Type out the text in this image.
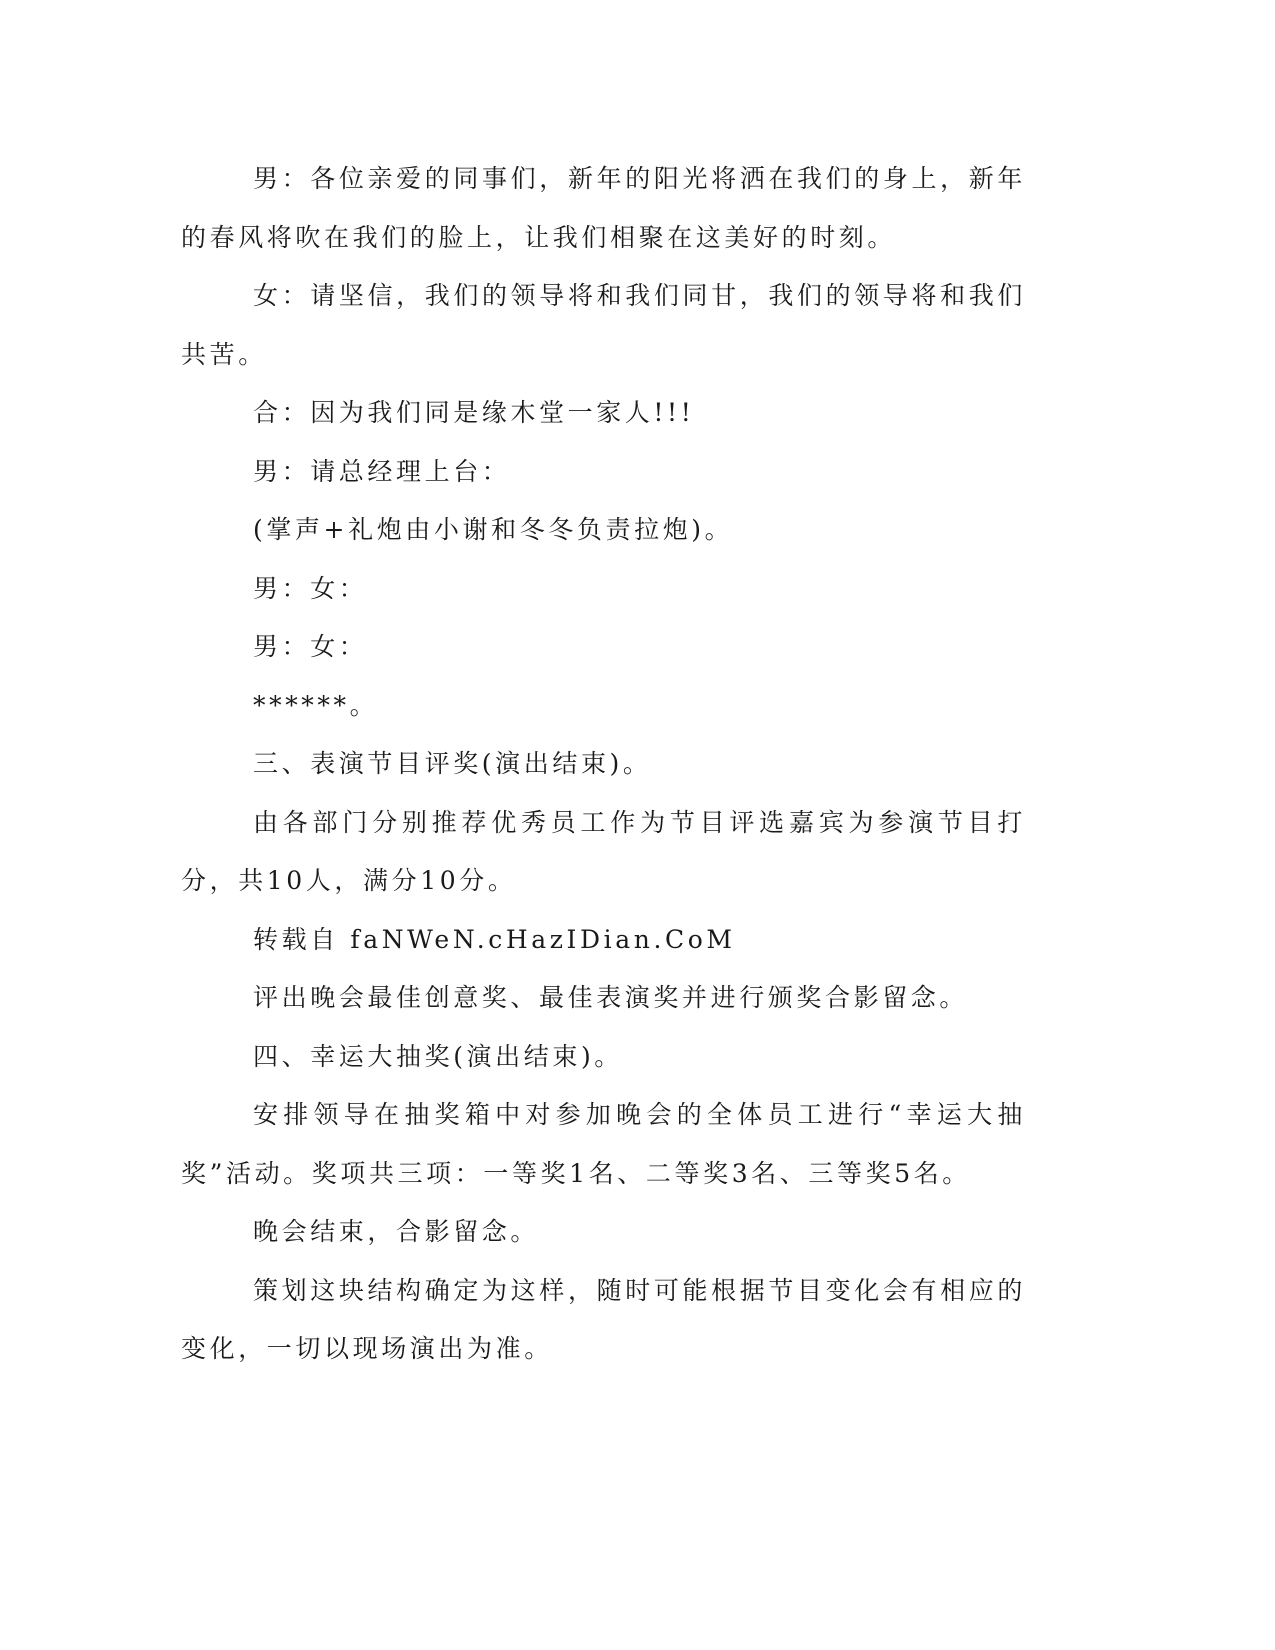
男：各位亲爱的同事们，新年的阳光将洒在我们的身上，新年的春风将吹在我们的脸上，让我们相聚在这美好的时刻。

女：请坚信，我们的领导将和我们同甘，我们的领导将和我们共苦。

合：因为我们同是缘木堂一家人!!!

男：请总经理上台：

(掌声+礼炮由小谢和冬冬负责拉炮)。

男：女：

男：女：

******。

三、表演节目评奖(演出结束)。

由各部门分别推荐优秀员工作为节目评选嘉宾为参演节目打分，共10人，满分10分。

转载自 faNWeN.cHazIDian.CoM

评出晚会最佳创意奖、最佳表演奖并进行颁奖合影留念。

四、幸运大抽奖(演出结束)。

安排领导在抽奖箱中对参加晚会的全体员工进行“幸运大抽奖”活动。奖项共三项：一等奖1名、二等奖3名、三等奖5名。

晚会结束，合影留念。

策划这块结构确定为这样，随时可能根据节目变化会有相应的变化，一切以现场演出为准。
